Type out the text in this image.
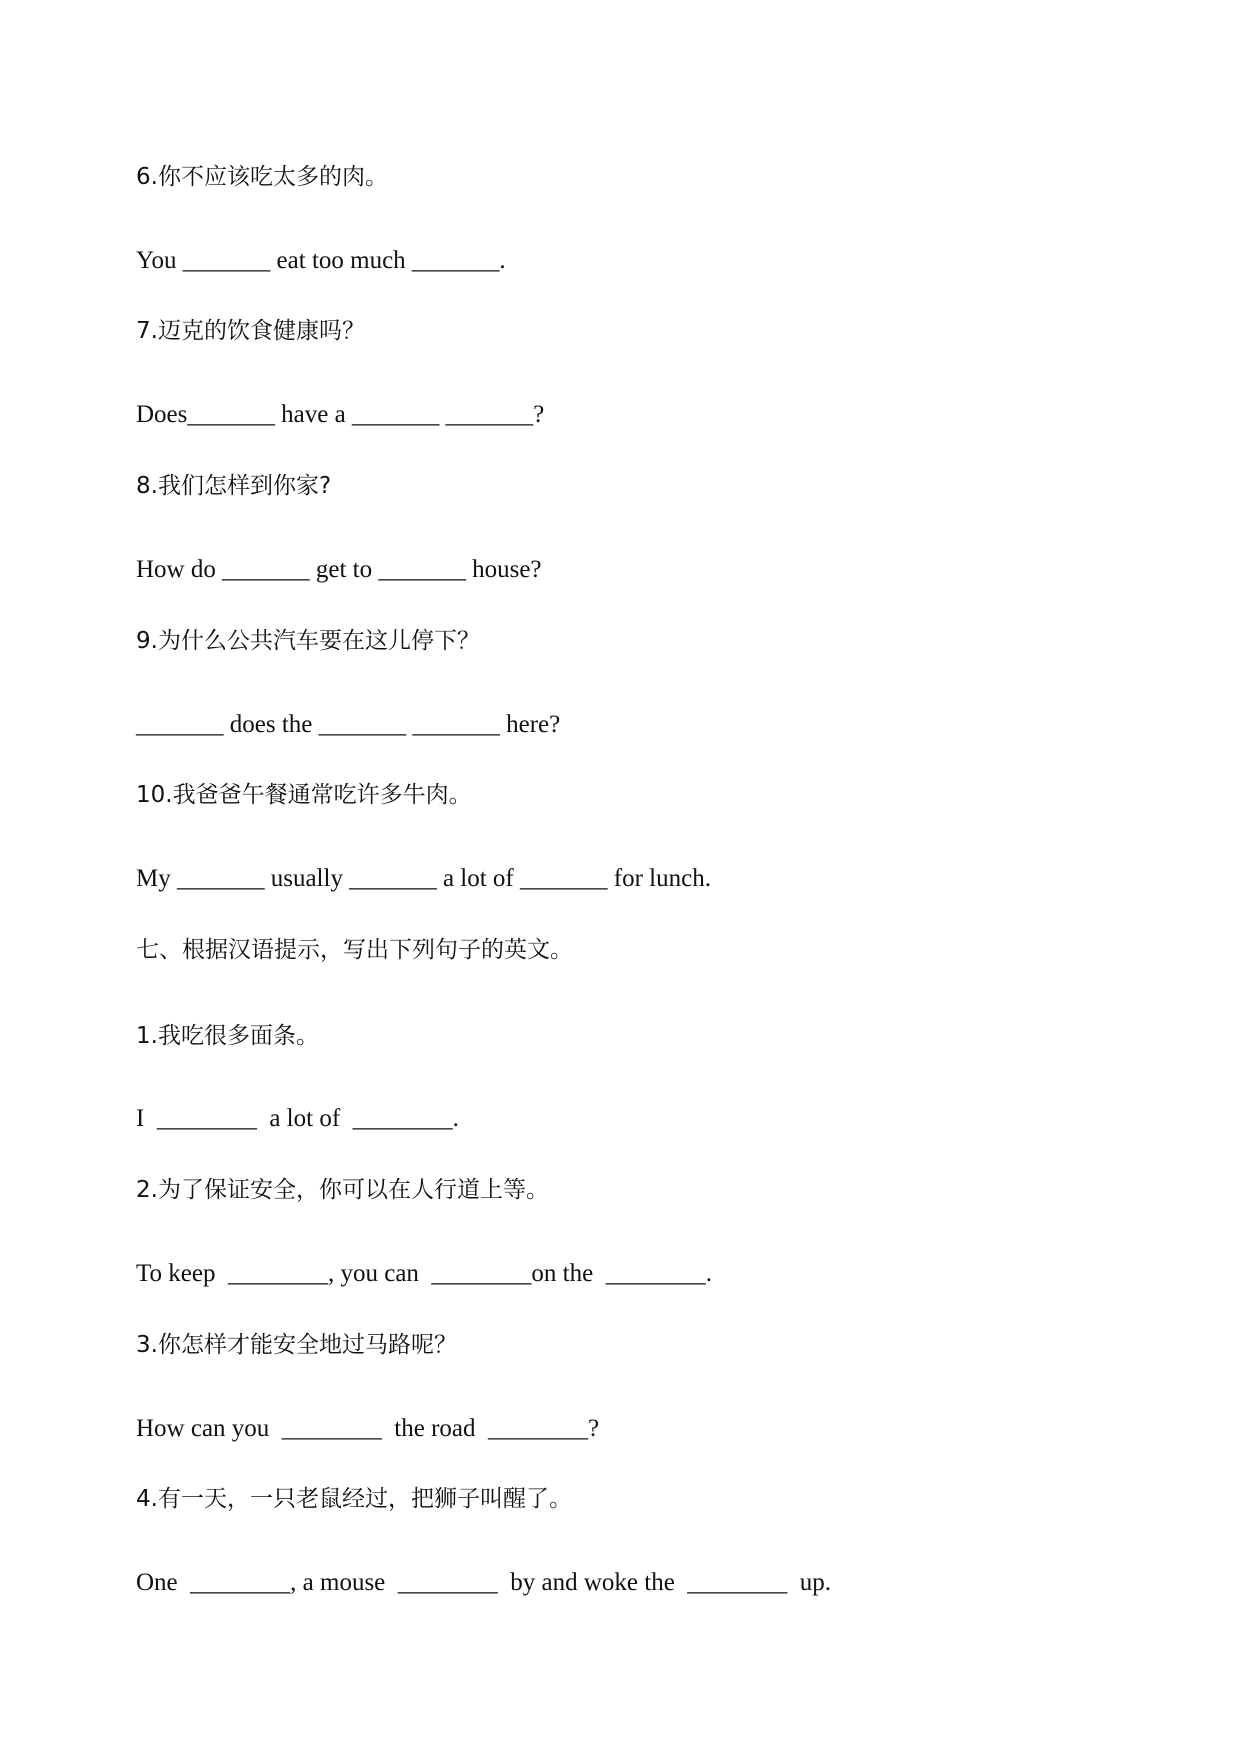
6.你不应该吃太多的肉。

You _______ eat too much _______.

7.迈克的饮食健康吗？

Does_______ have a _______ _______?

8.我们怎样到你家?

How do _______ get to _______ house?

9.为什么公共汽车要在这儿停下？

_______ does the _______ _______ here?

10.我爸爸午餐通常吃许多牛肉。

My _______ usually _______ a lot of _______ for lunch.

七、根据汉语提示，写出下列句子的英文。

1.我吃很多面条。

I  ________  a lot of  ________.

2.为了保证安全，你可以在人行道上等。

To keep  ________, you can  ________on the  ________.

3.你怎样才能安全地过马路呢？

How can you  ________  the road  ________?

4.有一天，一只老鼠经过，把狮子叫醒了。

One  ________, a mouse  ________  by and woke the  ________  up.
